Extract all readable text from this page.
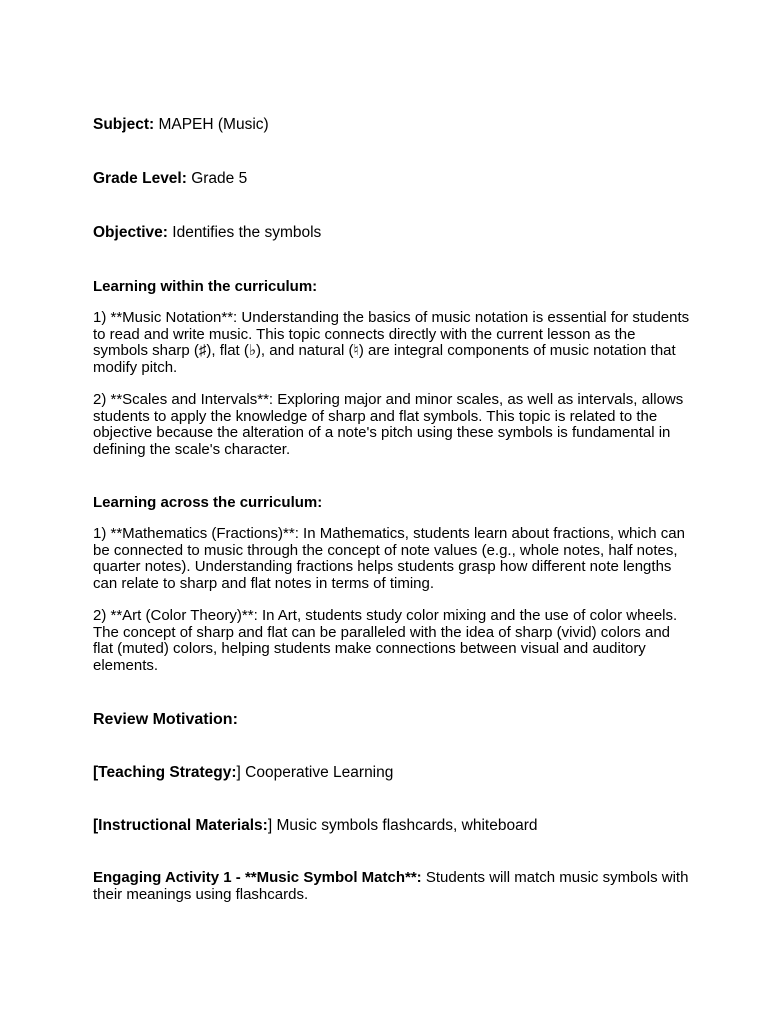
Subject: MAPEH (Music)

Grade Level: Grade 5

Objective: Identifies the symbols

Learning within the curriculum:

1) **Music Notation**: Understanding the basics of music notation is essential for students to read and write music. This topic connects directly with the current lesson as the symbols sharp (♯), flat (♭), and natural (♮) are integral components of music notation that modify pitch.

2) **Scales and Intervals**: Exploring major and minor scales, as well as intervals, allows students to apply the knowledge of sharp and flat symbols. This topic is related to the objective because the alteration of a note's pitch using these symbols is fundamental in defining the scale's character.

Learning across the curriculum:

1) **Mathematics (Fractions)**: In Mathematics, students learn about fractions, which can be connected to music through the concept of note values (e.g., whole notes, half notes, quarter notes). Understanding fractions helps students grasp how different note lengths can relate to sharp and flat notes in terms of timing.

2) **Art (Color Theory)**: In Art, students study color mixing and the use of color wheels. The concept of sharp and flat can be paralleled with the idea of sharp (vivid) colors and flat (muted) colors, helping students make connections between visual and auditory elements.

Review Motivation:

[Teaching Strategy:] Cooperative Learning

[Instructional Materials:] Music symbols flashcards, whiteboard

Engaging Activity 1 - **Music Symbol Match**: Students will match music symbols with their meanings using flashcards.
